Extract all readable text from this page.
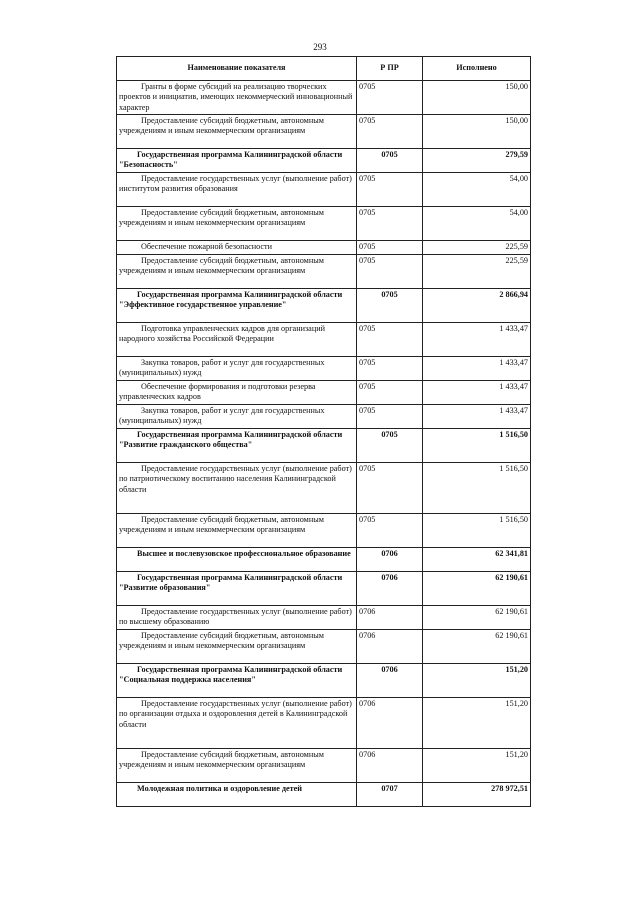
293
Наименование показателя	Р ПР	Исполнено
Гранты в форме субсидий на реализацию творческих проектов и инициатив, имеющих некоммерческий инновационный характер	0705	150,00
Предоставление субсидий бюджетным, автономным учреждениям и иным некоммерческим организациям	0705	150,00
Государственная программа Калининградской области "Безопасность"	0705	279,59
Предоставление государственных услуг (выполнение работ) институтом развития образования	0705	54,00
Предоставление субсидий бюджетным, автономным учреждениям и иным некоммерческим организациям	0705	54,00
Обеспечение пожарной безопасности	0705	225,59
Предоставление субсидий бюджетным, автономным учреждениям и иным некоммерческим организациям	0705	225,59
Государственная программа Калининградской области "Эффективное государственное управление"	0705	2 866,94
Подготовка управленческих кадров для организаций народного хозяйства Российской Федерации	0705	1 433,47
Закупка товаров, работ и услуг для государственных (муниципальных) нужд	0705	1 433,47
Обеспечение формирования и подготовки резерва управленческих кадров	0705	1 433,47
Закупка товаров, работ и услуг для государственных (муниципальных) нужд	0705	1 433,47
Государственная программа Калининградской области "Развитие гражданского общества"	0705	1 516,50
Предоставление государственных услуг (выполнение работ) по патриотическому воспитанию населения Калининградской области	0705	1 516,50
Предоставление субсидий бюджетным, автономным учреждениям и иным некоммерческим организациям	0705	1 516,50
Высшее и послевузовское профессиональное образование	0706	62 341,81
Государственная программа Калининградской области "Развитие образования"	0706	62 190,61
Предоставление государственных услуг (выполнение работ) по высшему образованию	0706	62 190,61
Предоставление субсидий бюджетным, автономным учреждениям и иным некоммерческим организациям	0706	62 190,61
Государственная программа Калининградской области "Социальная поддержка населения"	0706	151,20
Предоставление государственных услуг (выполнение работ) по организации отдыха и оздоровления детей в Калининградской области	0706	151,20
Предоставление субсидий бюджетным, автономным учреждениям и иным некоммерческим организациям	0706	151,20
Молодежная политика и оздоровление детей	0707	278 972,51
